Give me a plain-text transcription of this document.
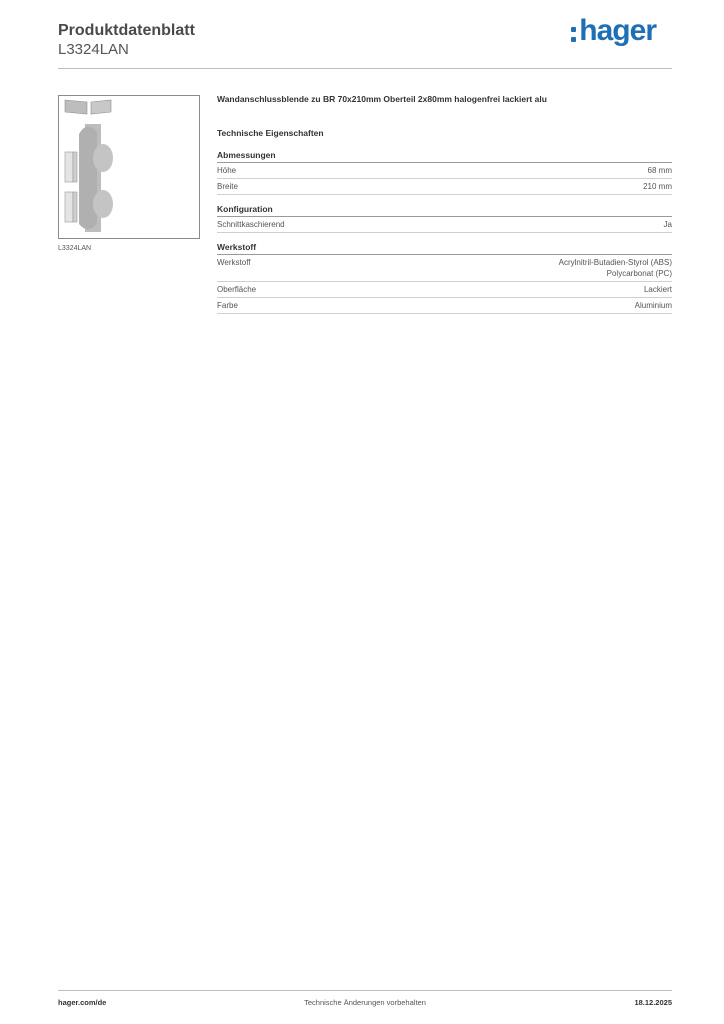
Produktdatenblatt
L3324LAN
hager
L3324LAN
Wandanschlussblende zu BR 70x210mm Oberteil 2x80mm halogenfrei lackiert alu
Technische Eigenschaften
Abmessungen
Höhe	68 mm
Breite	210 mm
Konfiguration
Schnittkaschierend	Ja
Werkstoff
Werkstoff	Acrylnitril-Butadien-Styrol (ABS)
Polycarbonat (PC)
Oberfläche	Lackiert
Farbe	Aluminium
hager.com/de	Technische Änderungen vorbehalten	18.12.2025
